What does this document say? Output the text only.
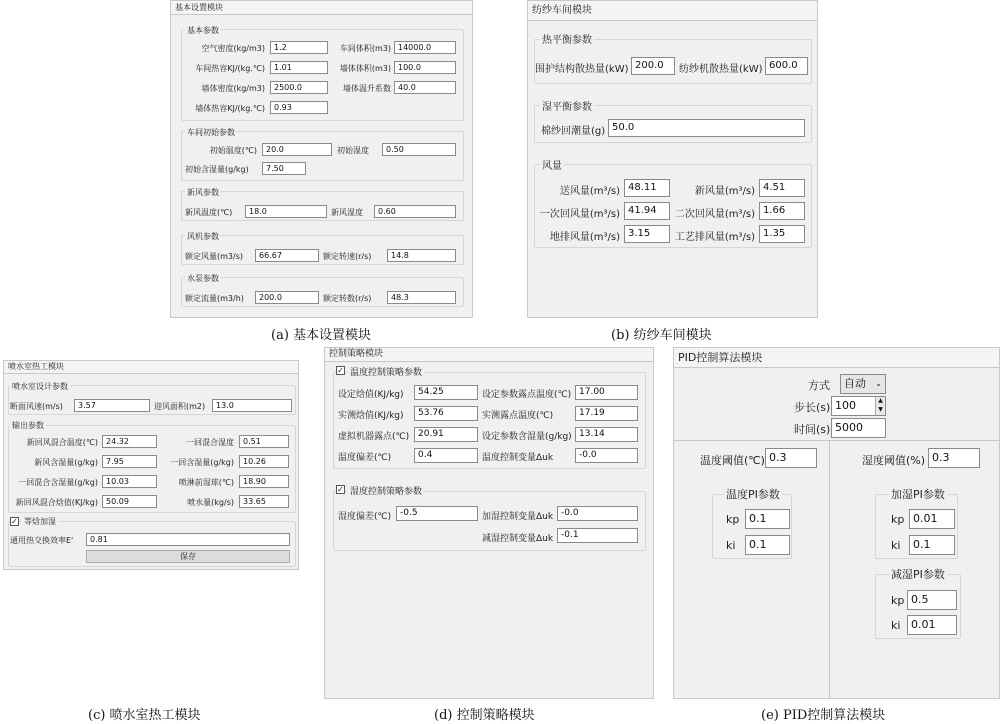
基本设置模块
基本参数
空气密度(kg/m3)	1.2	车间体积(m3) 14000.0
车间热容KJ/(kg.℃)	1.01	墙体体积(m3) 100.0
墙体密度(kg/m3)	2500.0	墙体温升系数 40.0
墙体热容KJ/(kg.℃)	0.93
车间初始参数
初始温度(℃)	20.0	初始湿度	0.50
初始含湿量(g/kg)	7.50
新风参数
新风温度(℃)	18.0	新风湿度	0.60
风机参数
额定风量(m3/s)	66.67	额定转速(r/s)	14.8
水泵参数
额定流量(m3/h)	200.0	额定转数(r/s)	48.3
纺纱车间模块
热平衡参数
围护结构散热量(kW) 200.0	纺纱机散热量(kW) 600.0
湿平衡参数
棉纱回潮量(g) 50.0
风量
送风量(m³/s) 48.11	新风量(m³/s) 4.51
一次回风量(m³/s) 41.94	二次回风量(m³/s) 1.66
地排风量(m³/s) 3.15	工艺排风量(m³/s) 1.35
喷水室热工模块
喷水室设计参数
断面风速(m/s)	3.57	迎风面积(m2)	13.0
输出参数
新回风混合温度(℃)	24.32	一回混合湿度	0.51
新风含湿量(g/kg)	7.95	一回含湿量(g/kg)	10.26
一回混合含湿量(g/kg)	10.03	喷淋前湿球(℃)	18.90
新回风混合焓值(KJ/kg)	50.09	喷水量(kg/s)	33.65
✓ 等焓加湿
通用热交换效率E'	0.81
保存
控制策略模块
✓ 温度控制策略参数
设定焓值(KJ/kg)	54.25	设定参数露点温度(℃) 17.00
实测焓值(KJ/kg)	53.76	实测露点温度(℃)	17.19
虚拟机器露点(℃) 20.91	设定参数含湿量(g/kg) 13.14
温度偏差(℃)	0.4	温度控制变量Δuk	-0.0
✓ 湿度控制策略参数
湿度偏差(℃) -0.5	加湿控制变量Δuk -0.0
减湿控制变量Δuk -0.1
PID控制算法模块
方式	自动 ⌄
步长(s) 100	▲
▼
时间(s) 5000
温度阈值(℃) 0.3	湿度阈值(%) 0.3
温度PI参数
kp 0.1
ki	0.1
加湿PI参数
kp 0.01
ki	0.1
减湿PI参数
kp 0.5
ki 0.01
(a) 基本设置模块	(b) 纺纱车间模块
(c) 喷水室热工模块	(d) 控制策略模块	(e) PID控制算法模块
